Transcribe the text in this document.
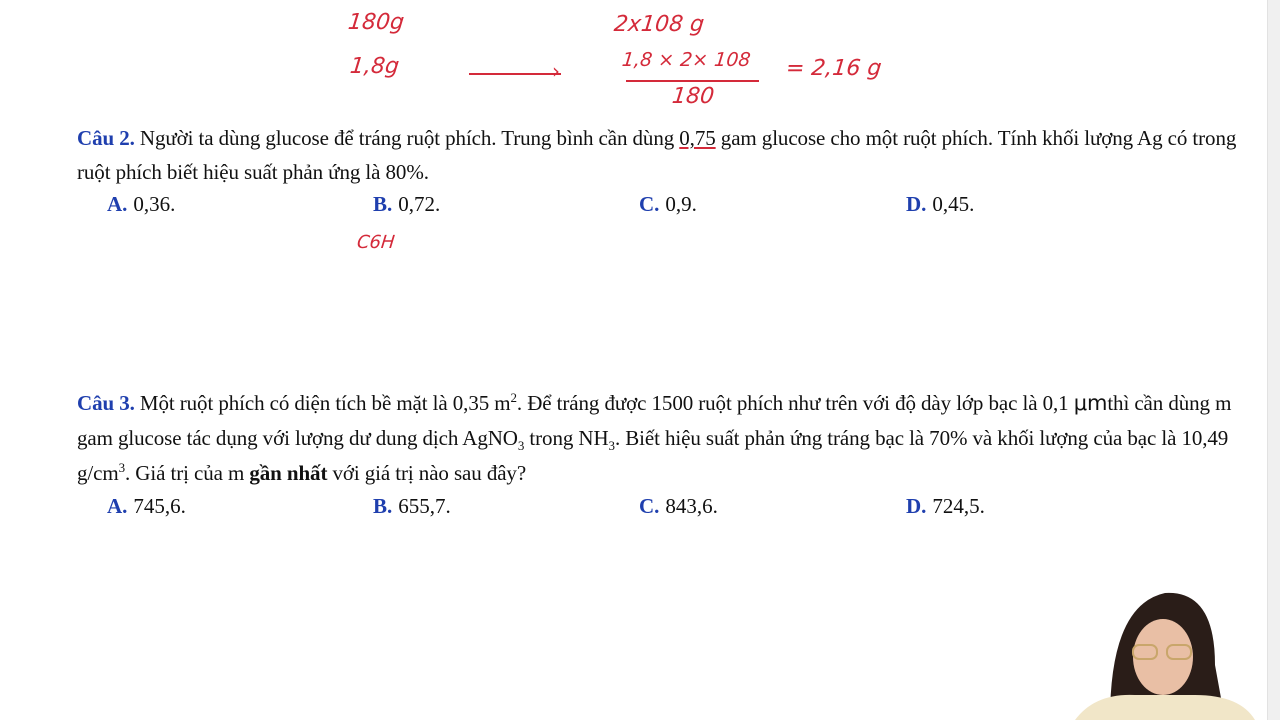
180g
1,8g	›
2x108 g
1,8 × 2× 108
180
= 2,16 g
C6H
Câu 2. Người ta dùng glucose để tráng ruột phích. Trung bình cần dùng 0,75 gam glucose cho một ruột phích. Tính khối lượng Ag có trong ruột phích biết hiệu suất phản ứng là 80%.
A. 0,36.	B. 0,72.	C. 0,9.	D. 0,45.
Câu 3. Một ruột phích có diện tích bề mặt là 0,35 $m^2$. Để tráng được 1500 ruột phích như trên với độ dày lớp bạc là 0,1 μmthì cần dùng m gam glucose tác dụng với lượng dư dung dịch AgNO$_3$ trong $NH_3$. Biết hiệu suất phản ứng tráng bạc là 70% và khối lượng của bạc là 10,49 $g/cm^3$. Giá trị của m gần nhất với giá trị nào sau đây?
A. 745,6.	B. 655,7.	C. 843,6.	D. 724,5.
